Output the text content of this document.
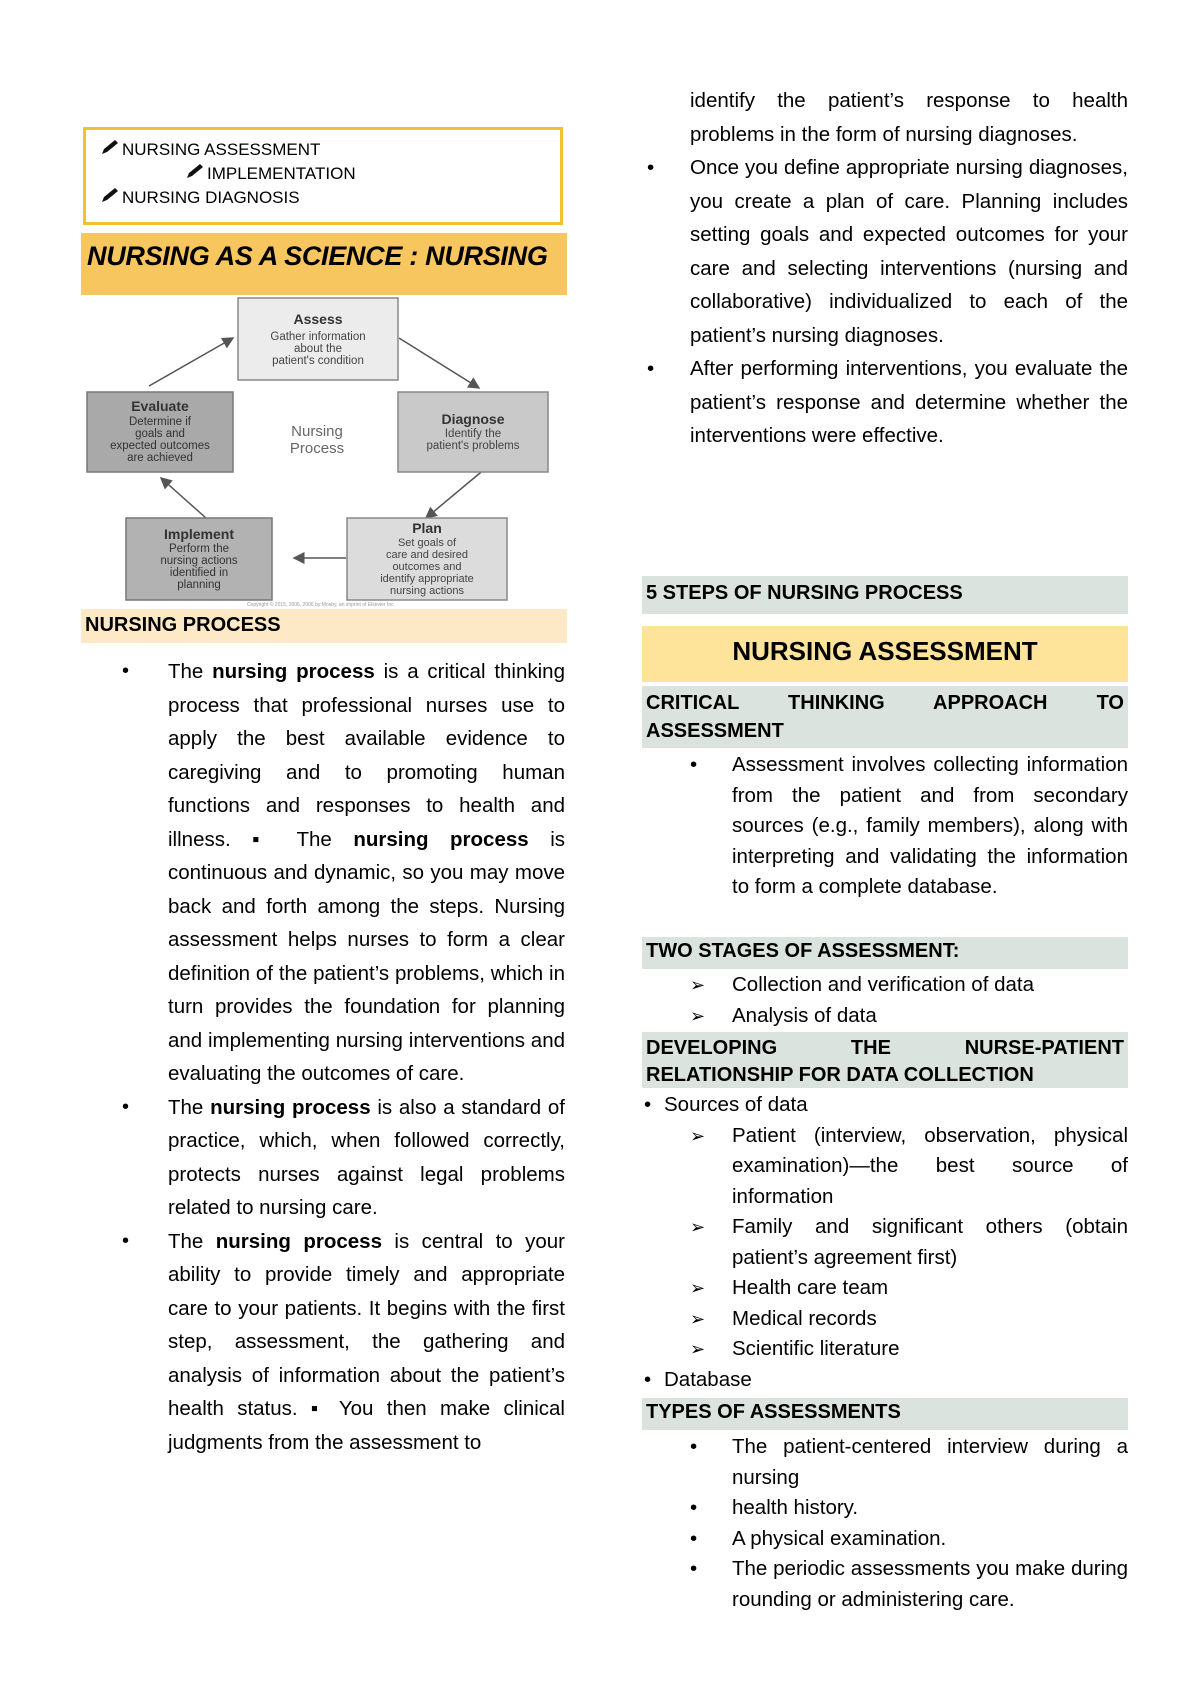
NURSING ASSESSMENT
IMPLEMENTATION
NURSING DIAGNOSIS
NURSING AS A SCIENCE : NURSING
Assess
Gather information
about the
patient's condition
Diagnose
Identify the
patient's problems
Evaluate
Determine if
goals and
expected outcomes
are achieved
Nursing
Process
Implement
Perform the
nursing actions
identified in
planning
Plan
Set goals of
care and desired
outcomes and
identify appropriate
nursing actions
Copyright © 2015, 2006, 2006 by Mosby, an imprint of Elsevier Inc.
NURSING PROCESS
• The nursing process is a critical thinking process that professional nurses use to apply the best available evidence to caregiving and to promoting human functions and responses to health and illness. ▪ The nursing process is continuous and dynamic, so you may move back and forth among the steps. Nursing assessment helps nurses to form a clear definition of the patient’s problems, which in turn provides the foundation for planning and implementing nursing interventions and evaluating the outcomes of care.
• The nursing process is also a standard of practice, which, when followed correctly, protects nurses against legal problems related to nursing care.
• The nursing process is central to your ability to provide timely and appropriate care to your patients. It begins with the first step, assessment, the gathering and analysis of information about the patient’s health status. ▪ You then make clinical judgments from the assessment to
identify the patient’s response to health problems in the form of nursing diagnoses.
• Once you define appropriate nursing diagnoses, you create a plan of care. Planning includes setting goals and expected outcomes for your care and selecting interventions (nursing and collaborative) individualized to each of the patient’s nursing diagnoses.
• After performing interventions, you evaluate the patient’s response and determine whether the interventions were effective.
5 STEPS OF NURSING PROCESS
NURSING ASSESSMENT
CRITICAL THINKING APPROACH TO ASSESSMENT
• Assessment involves collecting information from the patient and from secondary sources (e.g., family members), along with interpreting and validating the information to form a complete database.
TWO STAGES OF ASSESSMENT:
➢ Collection and verification of data
➢ Analysis of data
DEVELOPING THE NURSE-PATIENT RELATIONSHIP FOR DATA COLLECTION
• Sources of data
➢ Patient (interview, observation, physical examination)—the best source of information
➢ Family and significant others (obtain patient’s agreement first)
➢ Health care team
➢ Medical records
➢ Scientific literature
• Database
TYPES OF ASSESSMENTS
• The patient-centered interview during a nursing
• health history.
• A physical examination.
• The periodic assessments you make during rounding or administering care.
